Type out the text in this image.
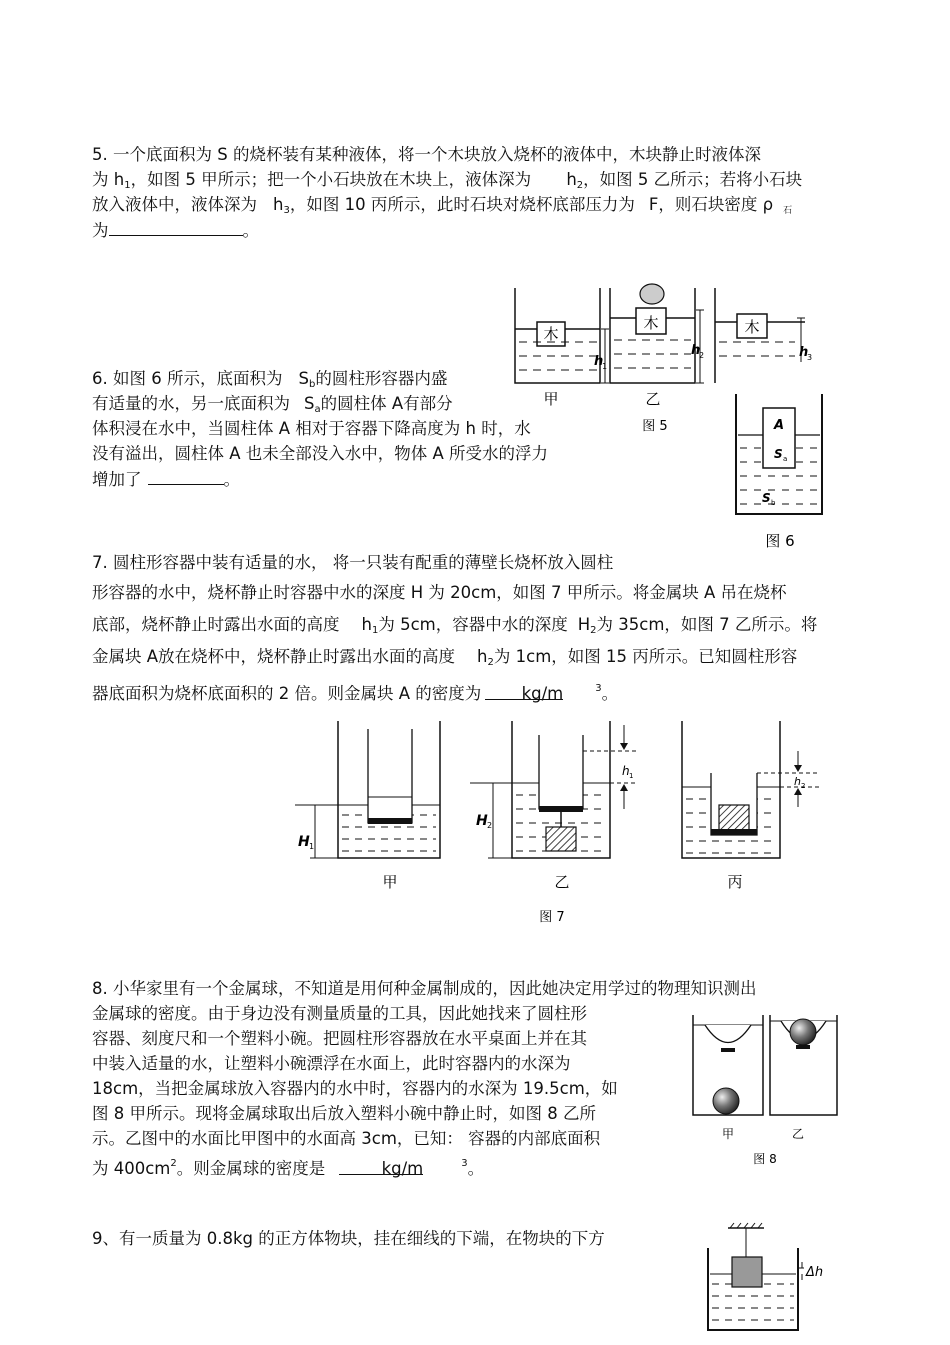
5. 一个底面积为 S 的烧杯装有某种液体，将一个木块放入烧杯的液体中，木块静止时液体深
为 $h_1$，如图 5 甲所示；把一个小石块放在木块上，液体深为 $h_2$，如图 5 乙所示；若将小石块
放入液体中，液体深为 $h_3$，如图 10 丙所示，此时石块对烧杯底部压力为 F，则石块密度 ρ $_石$
为	。
木
h
1
甲
木
h
2
乙
木
h
3
图 5
6. 如图 6 所示，底面积为 $S_b$的圆柱形容器内盛
有适量的水，另一底面积为 $S_a$的圆柱体 A有部分
体积浸在水中，当圆柱体 A 相对于容器下降高度为 h 时，水
没有溢出，圆柱体 A 也未全部没入水中，物体 A 所受水的浮力
增加了	。
A
S a
S b
图 6
7. 圆柱形容器中装有适量的水， 将一只装有配重的薄壁长烧杯放入圆柱
形容器的水中，烧杯静止时容器中水的深度 H 为 20cm，如图 7 甲所示。将金属块 A 吊在烧杯
底部，烧杯静止时露出水面的高度 $h_1$为 5cm，容器中水的深度 $H_2$为 35cm，如图 7 乙所示。将
金属块 A放在烧杯中，烧杯静止时露出水面的高度 $h_2$为 1cm，如图 15 丙所示。已知圆柱形容
器底面积为烧杯底面积的 2 倍。则金属块 A 的密度为 kg/m	$^3$。
H 1
甲
H 2
h 1
乙
h 2
丙
图 7
8. 小华家里有一个金属球，不知道是用何种金属制成的，因此她决定用学过的物理知识测出
金属球的密度。由于身边没有测量质量的工具，因此她找来了圆柱形
容器、刻度尺和一个塑料小碗。把圆柱形容器放在水平桌面上并在其
中装入适量的水，让塑料小碗漂浮在水面上，此时容器内的水深为
18cm，当把金属球放入容器内的水中时，容器内的水深为 19.5cm，如
图 8 甲所示。现将金属球取出后放入塑料小碗中静止时，如图 8 乙所
示。乙图中的水面比甲图中的水面高 3cm，已知： 容器的内部底面积
为 $400cm^2$。则金属球的密度是	kg/m	$^3$。
甲	乙
图 8
9、有一质量为 0.8kg 的正方体物块，挂在细线的下端，在物块的下方
Δh
